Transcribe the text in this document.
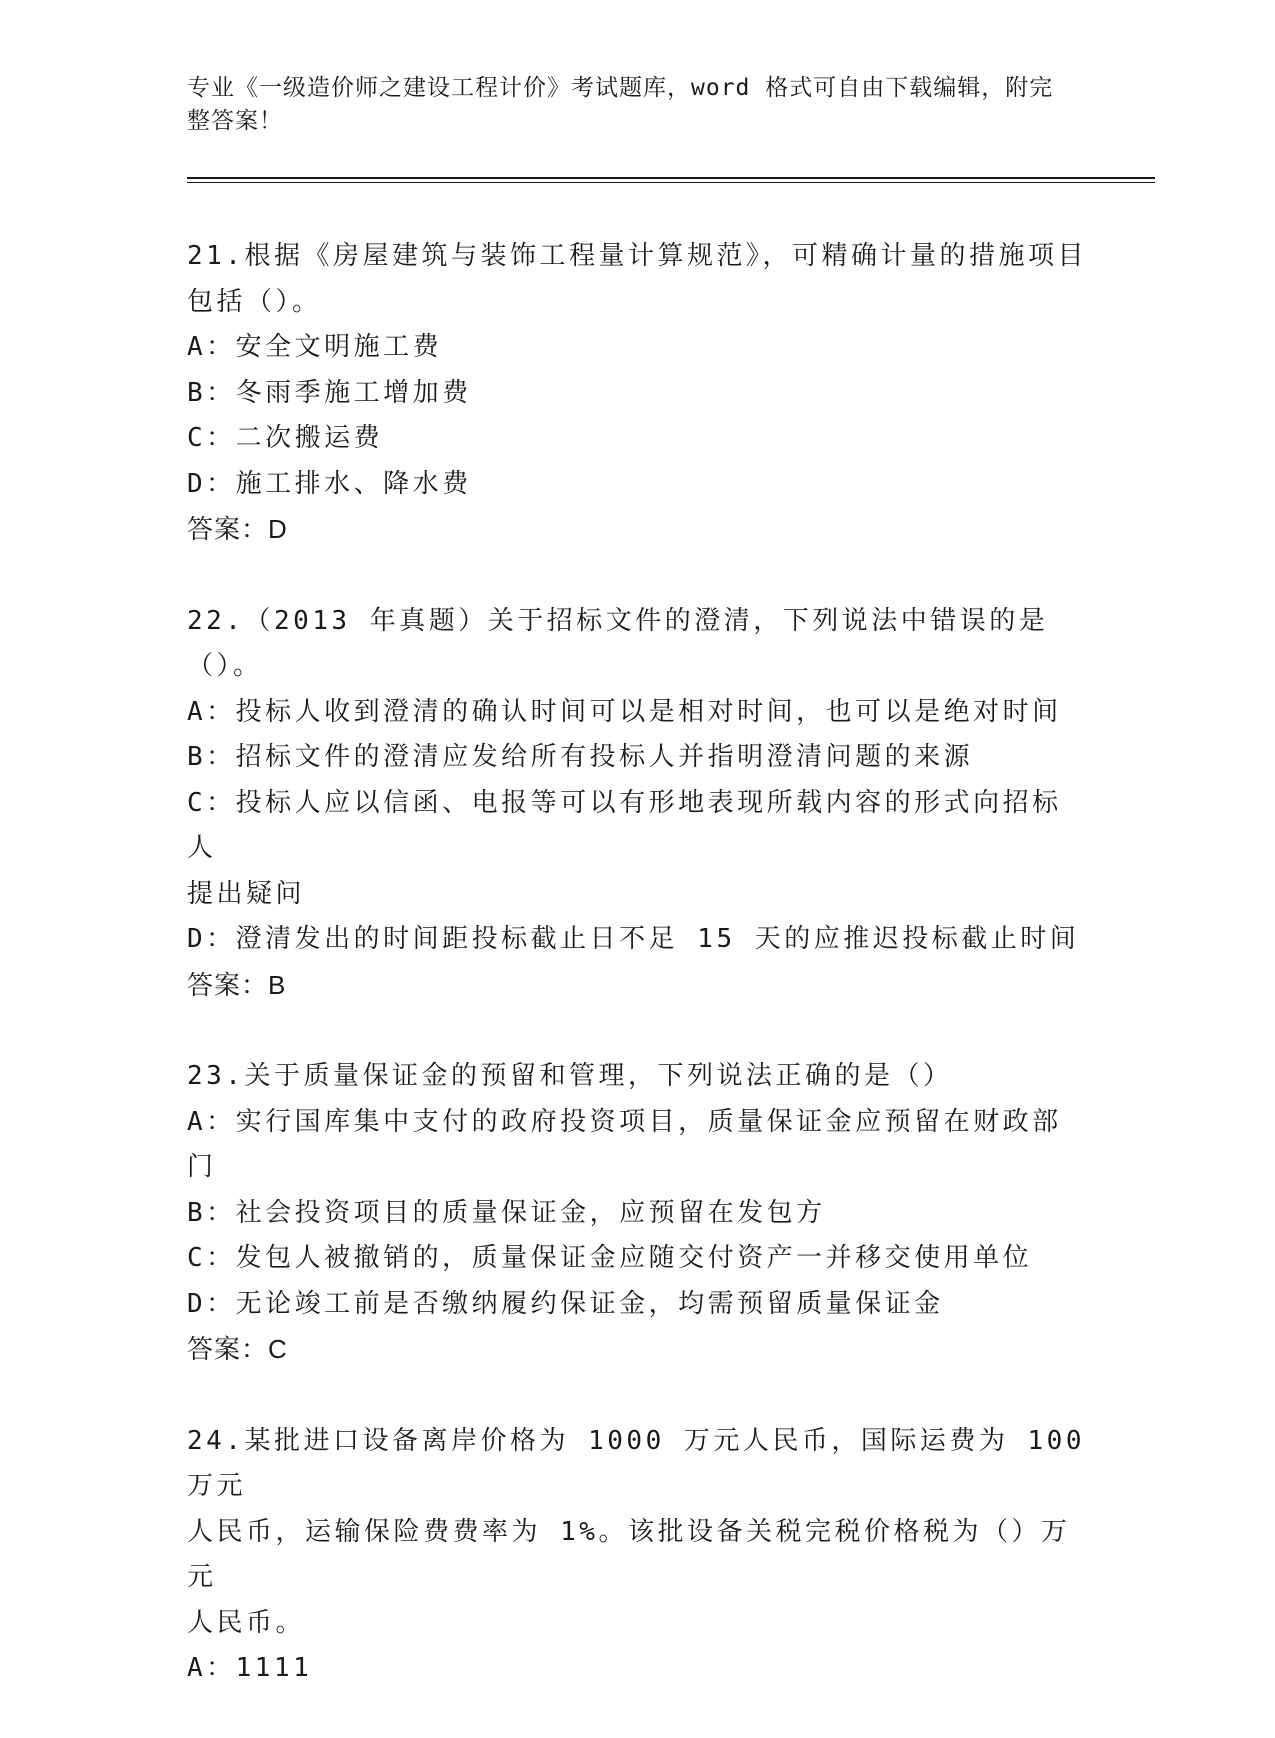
专业《一级造价师之建设工程计价》考试题库，word 格式可自由下载编辑，附完
整答案！
21.根据《房屋建筑与装饰工程量计算规范》，可精确计量的措施项目
包括（）。
A：安全文明施工费
B：冬雨季施工增加费
C：二次搬运费
D：施工排水、降水费
答案：D
22.（2013 年真题）关于招标文件的澄清，下列说法中错误的是（）。
A：投标人收到澄清的确认时间可以是相对时间，也可以是绝对时间
B：招标文件的澄清应发给所有投标人并指明澄清问题的来源
C：投标人应以信函、电报等可以有形地表现所载内容的形式向招标人
提出疑问
D：澄清发出的时间距投标截止日不足 15 天的应推迟投标截止时间
答案：B
23.关于质量保证金的预留和管理，下列说法正确的是（）
A：实行国库集中支付的政府投资项目，质量保证金应预留在财政部门
B：社会投资项目的质量保证金，应预留在发包方
C：发包人被撤销的，质量保证金应随交付资产一并移交使用单位
D：无论竣工前是否缴纳履约保证金，均需预留质量保证金
答案：C
24.某批进口设备离岸价格为 1000 万元人民币，国际运费为 100 万元
人民币，运输保险费费率为 1%。该批设备关税完税价格税为（）万元
人民币。
A：1111
